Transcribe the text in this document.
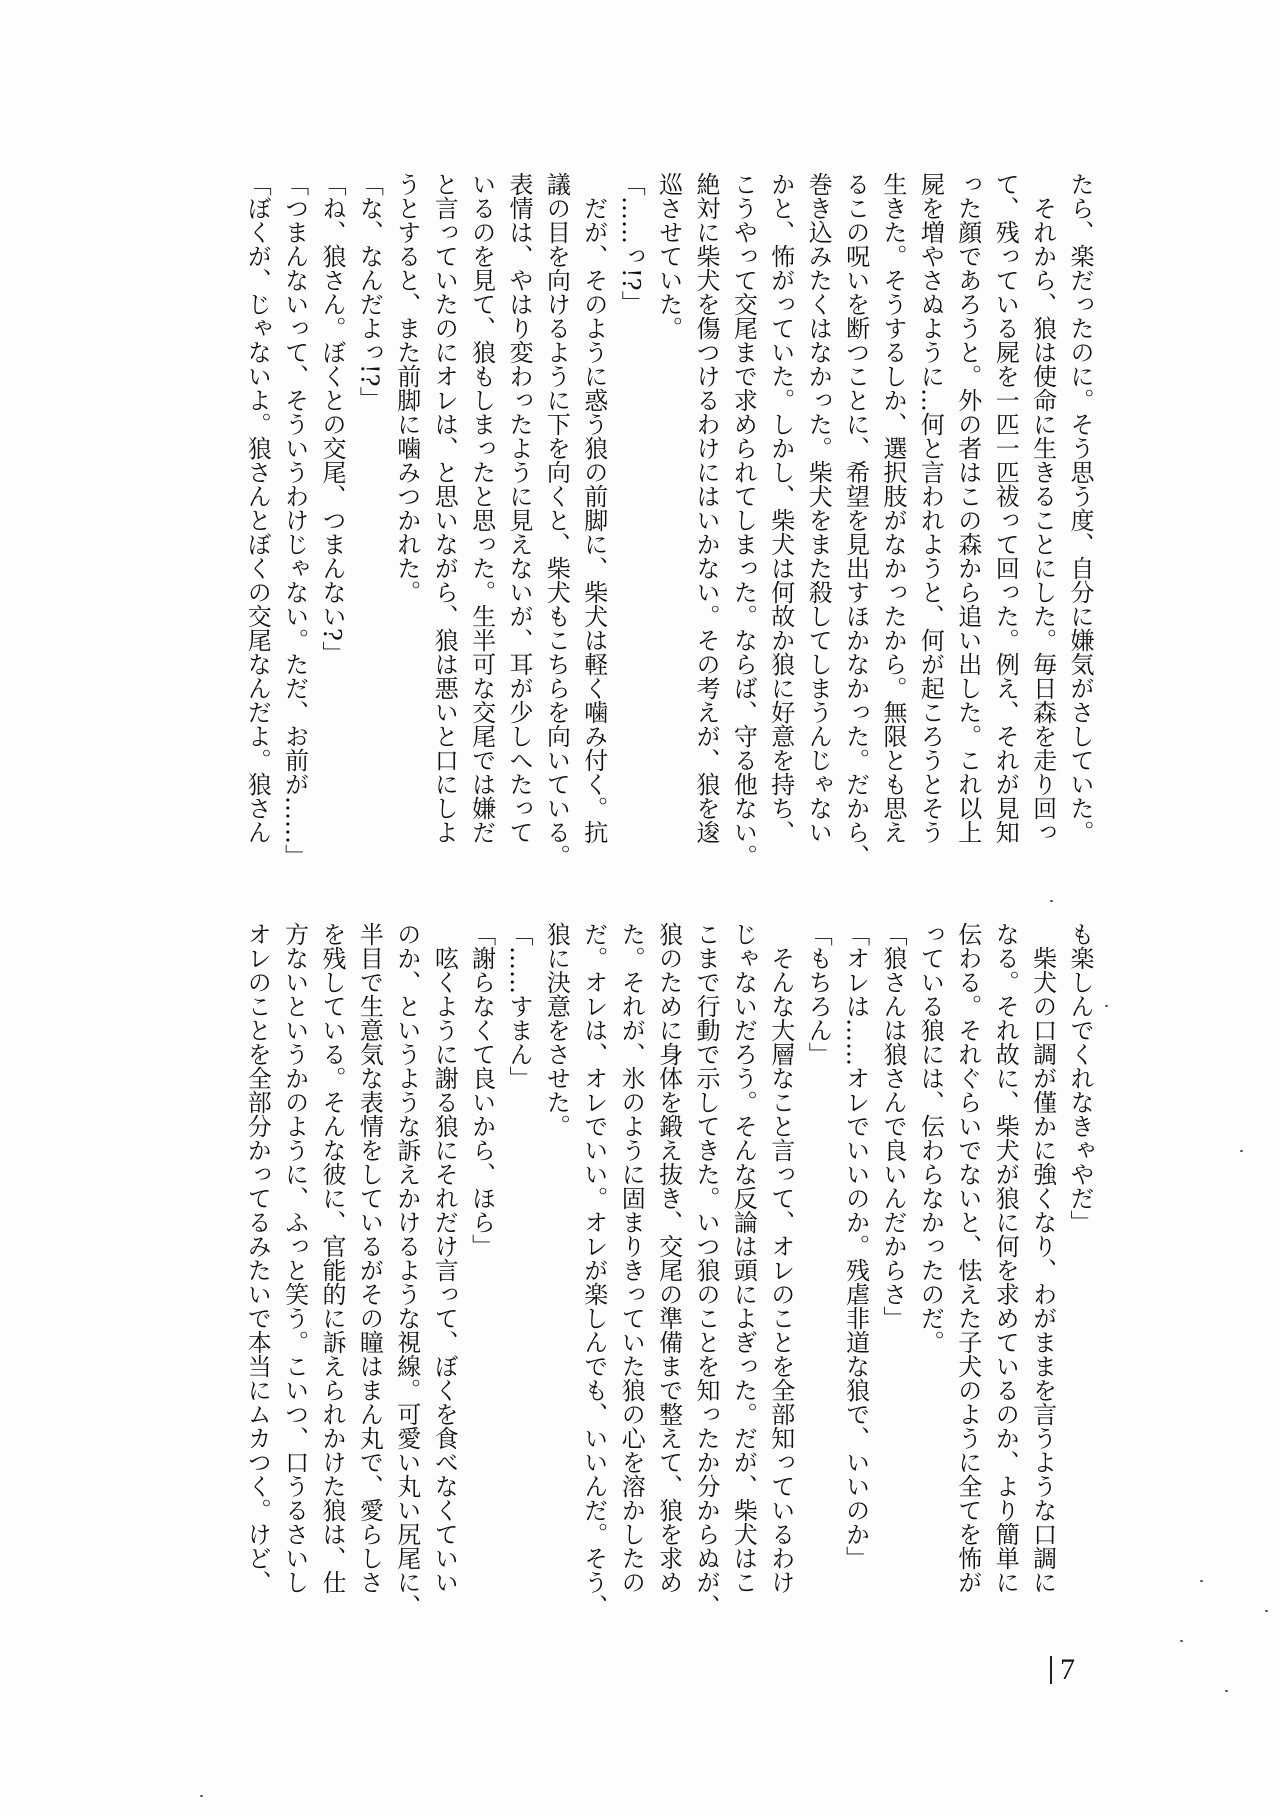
たら、楽だったのに。そう思う度、自分に嫌気がさしていた。
　それから、狼は使命に生きることにした。毎日森を走り回っ
て、残っている屍を一匹一匹祓って回った。例え、それが見知
った顔であろうと。外の者はこの森から追い出した。これ以上
屍を増やさぬように…何と言われようと、何が起ころうとそう
生きた。そうするしか、選択肢がなかったから。無限とも思え
るこの呪いを断つことに、希望を見出すほかなかった。だから、
巻き込みたくはなかった。柴犬をまた殺してしまうんじゃない
かと、怖がっていた。しかし、柴犬は何故か狼に好意を持ち、
こうやって交尾まで求められてしまった。ならば、守る他ない。
絶対に柴犬を傷つけるわけにはいかない。その考えが、狼を逡
巡させていた。
「……っ!?」
　だが、そのように惑う狼の前脚に、柴犬は軽く噛み付く。抗
議の目を向けるように下を向くと、柴犬もこちらを向いている。
表情は、やはり変わったように見えないが、耳が少しへたって
いるのを見て、狼もしまったと思った。生半可な交尾では嫌だ
と言っていたのにオレは、と思いながら、狼は悪いと口にしよ
うとすると、また前脚に噛みつかれた。
「な、なんだよっ!?」
「ね、狼さん。ぼくとの交尾、つまんない?」
「つまんないって、そういうわけじゃない。ただ、お前が……」
「ぼくが、じゃないよ。狼さんとぼくの交尾なんだよ。狼さん
も楽しんでくれなきゃやだ」
　柴犬の口調が僅かに強くなり、わがままを言うような口調に
なる。それ故に、柴犬が狼に何を求めているのか、より簡単に
伝わる。それぐらいでないと、怯えた子犬のように全てを怖が
っている狼には、伝わらなかったのだ。
「狼さんは狼さんで良いんだからさ」
「オレは……オレでいいのか。残虐非道な狼で、いいのか」
「もちろん」
　そんな大層なこと言って、オレのことを全部知っているわけ
じゃないだろう。そんな反論は頭によぎった。だが、柴犬はこ
こまで行動で示してきた。いつ狼のことを知ったか分からぬが、
狼のために身体を鍛え抜き、交尾の準備まで整えて、狼を求め
た。それが、氷のように固まりきっていた狼の心を溶かしたの
だ。オレは、オレでいい。オレが楽しんでも、いいんだ。そう、
狼に決意をさせた。
「……すまん」
「謝らなくて良いから、ほら」
　呟くように謝る狼にそれだけ言って、ぼくを食べなくていい
のか、というような訴えかけるような視線。可愛い丸い尻尾に、
半目で生意気な表情をしているがその瞳はまん丸で、愛らしさ
を残している。そんな彼に、官能的に訴えられかけた狼は、仕
方ないというかのように、ふっと笑う。こいつ、口うるさいし
オレのことを全部分かってるみたいで本当にムカつく。けど、
7
